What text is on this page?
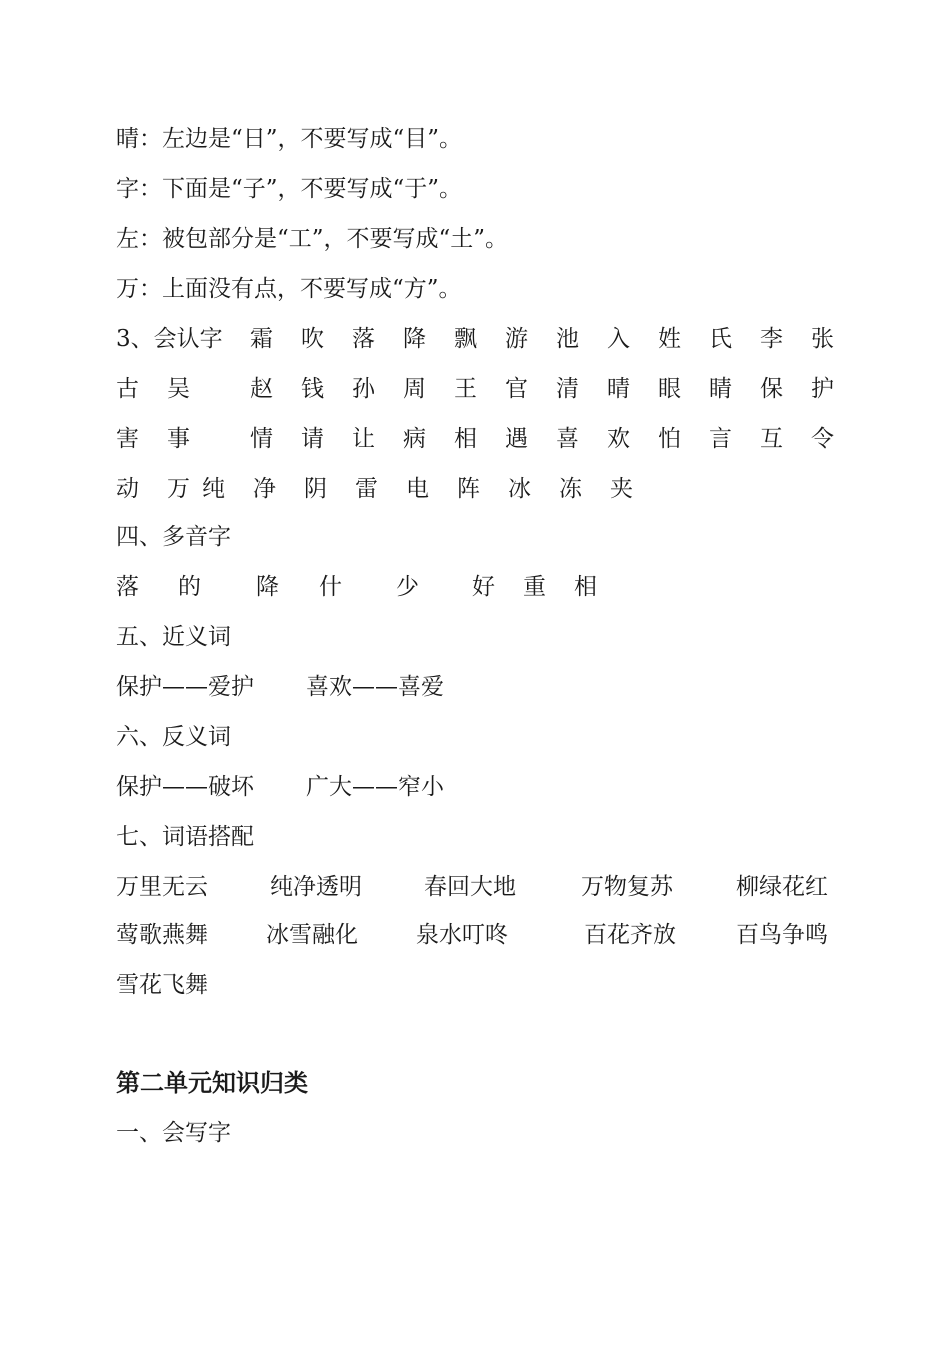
晴：左边是“日”，不要写成“目”。
字：下面是“子”，不要写成“于”。
左：被包部分是“工”，不要写成“土”。
万：上面没有点，不要写成“方”。
3、会认字 霜 吹 落 降 飘 游 池 入 姓 氏 李 张
古 吴	赵 钱 孙 周 王 官 清 晴 眼 睛 保 护
害 事	情 请 让 病 相 遇 喜 欢 怕 言 互 令
动 万 纯 净 阴 雷 电 阵 冰 冻 夹
四、多音字
落 的 降 什 少 好 重 相
五、近义词
保护——爱护 喜欢——喜爱
六、反义词
保护——破坏 广大——窄小
七、词语搭配
万里无云	纯净透明	春回大地	万物复苏	柳绿花红
莺歌燕舞	冰雪融化	泉水叮咚	百花齐放	百鸟争鸣
雪花飞舞
第二单元知识归类
一、会写字
